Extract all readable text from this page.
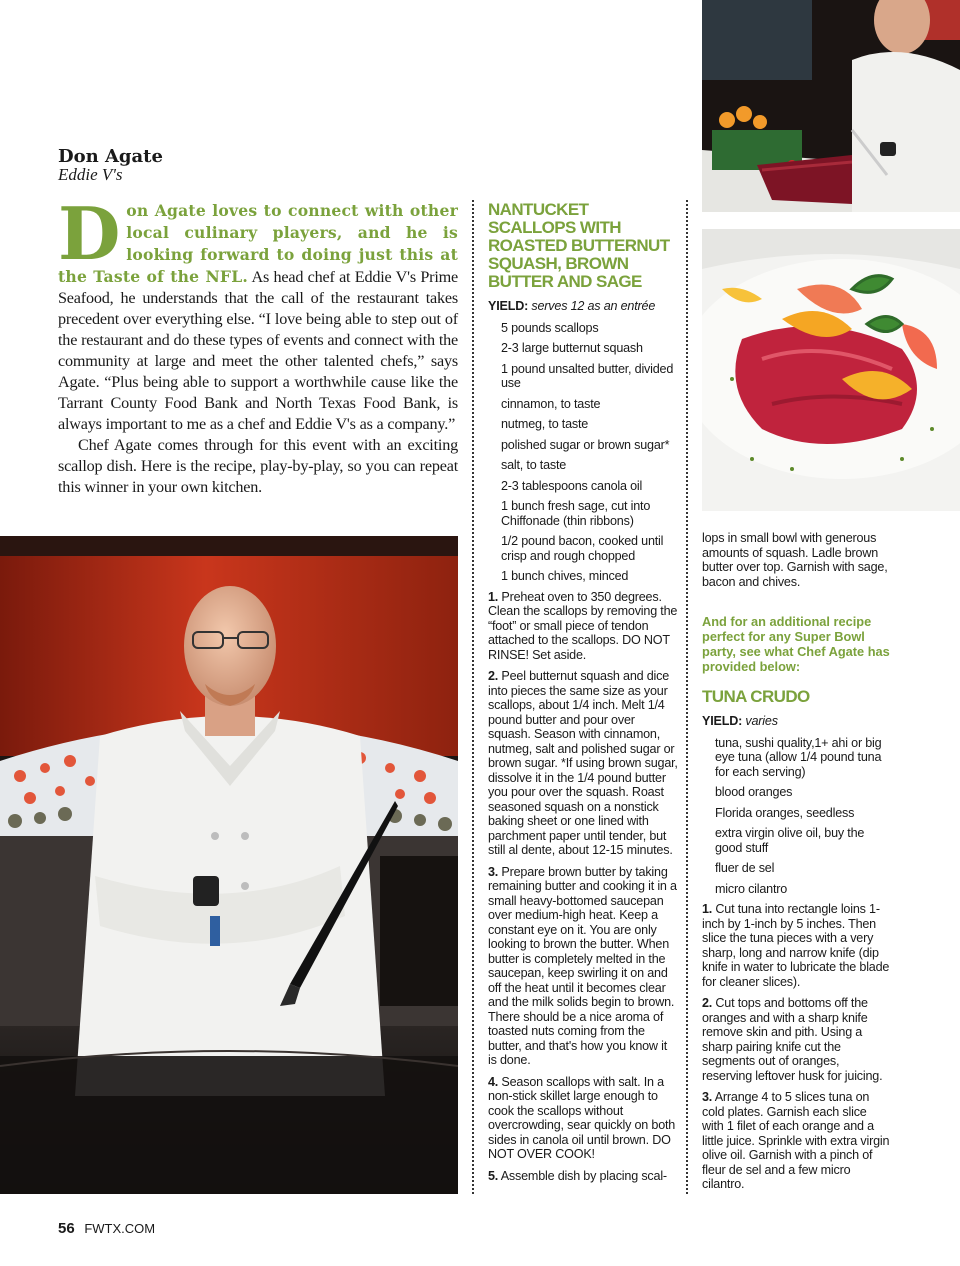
Don Agate
Eddie V's

Don Agate loves to connect with other local culinary players, and he is looking forward to doing just this at the Taste of the NFL. As head chef at Eddie V's Prime Seafood, he understands that the call of the restaurant takes precedent over everything else. “I love being able to step out of the restaurant and do these types of events and connect with the community at large and meet the other talented chefs,” says Agate. “Plus being able to support a worthwhile cause like the Tarrant County Food Bank and North Texas Food Bank, is always important to me as a chef and Eddie V's as a company.”

Chef Agate comes through for this event with an exciting scallop dish. Here is the recipe, play-by-play, so you can repeat this winner in your own kitchen.

NANTUCKET SCALLOPS WITH ROASTED BUTTERNUT SQUASH, BROWN BUTTER AND SAGE
YIELD: serves 12 as an entrée
5 pounds scallops
2-3 large butternut squash
1 pound unsalted butter, divided use
cinnamon, to taste
nutmeg, to taste
polished sugar or brown sugar*
salt, to taste
2-3 tablespoons canola oil
1 bunch fresh sage, cut into Chiffonade (thin ribbons)
1/2 pound bacon, cooked until crisp and rough chopped
1 bunch chives, minced
1. Preheat oven to 350 degrees. Clean the scallops by removing the “foot” or small piece of tendon attached to the scallops. DO NOT RINSE! Set aside.
2. Peel butternut squash and dice into pieces the same size as your scallops, about 1/4 inch. Melt 1/4 pound butter and pour over squash. Season with cinnamon, nutmeg, salt and polished sugar or brown sugar. *If using brown sugar, dissolve it in the 1/4 pound butter you pour over the squash. Roast seasoned squash on a nonstick baking sheet or one lined with parchment paper until tender, but still al dente, about 12-15 minutes.
3. Prepare brown butter by taking remaining butter and cooking it in a small heavy-bottomed saucepan over medium-high heat. Keep a constant eye on it. You are only looking to brown the butter. When butter is completely melted in the saucepan, keep swirling it on and off the heat until it becomes clear and the milk solids begin to brown. There should be a nice aroma of toasted nuts coming from the butter, and that's how you know it is done.
4. Season scallops with salt. In a non-stick skillet large enough to cook the scallops without overcrowding, sear quickly on both sides in canola oil until brown. DO NOT OVER COOK!
5. Assemble dish by placing scal-
lops in small bowl with generous amounts of squash. Ladle brown butter over top. Garnish with sage, bacon and chives.
And for an additional recipe perfect for any Super Bowl party, see what Chef Agate has provided below:
TUNA CRUDO
YIELD: varies
tuna, sushi quality,1+ ahi or big eye tuna (allow 1/4 pound tuna for each serving)
blood oranges
Florida oranges, seedless
extra virgin olive oil, buy the good stuff
fluer de sel
micro cilantro
1. Cut tuna into rectangle loins 1-inch by 1-inch by 5 inches. Then slice the tuna pieces with a very sharp, long and narrow knife (dip knife in water to lubricate the blade for cleaner slices).
2. Cut tops and bottoms off the oranges and with a sharp knife remove skin and pith. Using a sharp pairing knife cut the segments out of oranges, reserving leftover husk for juicing.
3. Arrange 4 to 5 slices tuna on cold plates. Garnish each slice with 1 filet of each orange and a little juice. Sprinkle with extra virgin olive oil. Garnish with a pinch of fleur de sel and a few micro cilantro.
56 FWTX.COM
